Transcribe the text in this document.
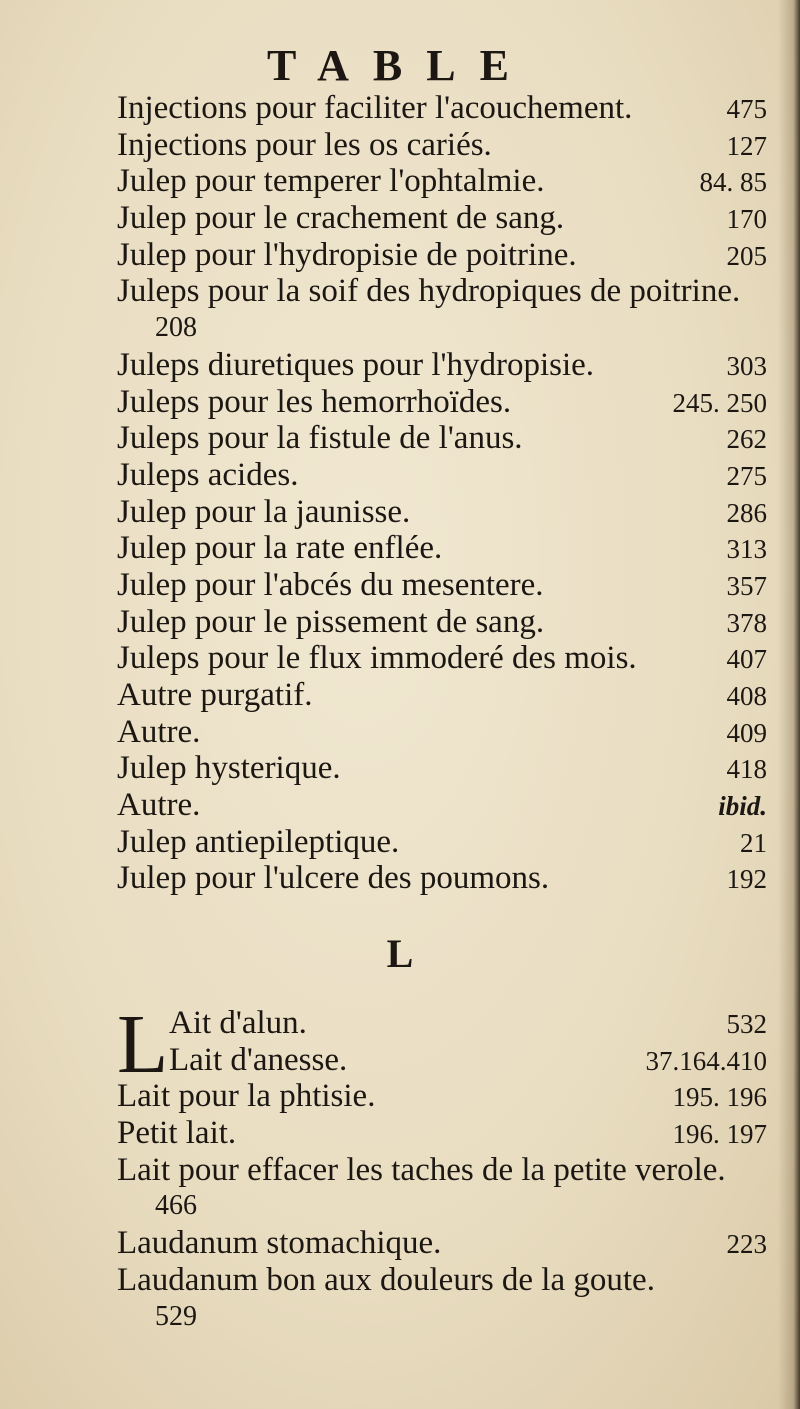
TABLE
Injections pour faciliter l'acouchement.	475
Injections pour les os cariés.	127
Julep pour temperer l'ophtalmie.	84. 85
Julep pour le crachement de sang.	170
Julep pour l'hydropisie de poitrine.	205
Juleps pour la soif des hydropiques de poitrine.
208
Juleps diuretiques pour l'hydropisie.	303
Juleps pour les hemorrhoïdes.	245. 250
Juleps pour la fistule de l'anus.	262
Juleps acides.	275
Julep pour la jaunisse.	286
Julep pour la rate enflée.	313
Julep pour l'abcés du mesentere.	357
Julep pour le pissement de sang.	378
Juleps pour le flux immoderé des mois.	407
Autre purgatif.	408
Autre.	409
Julep hysterique.	418
Autre.	ibid.
Julep antiepileptique.	21
Julep pour l'ulcere des poumons.	192
L
L Ait d'alun.	532
Lait d'anesse.	37.164.410
Lait pour la phtisie.	195. 196
Petit lait.	196. 197
Lait pour effacer les taches de la petite verole.
466
Laudanum stomachique.	223
Laudanum bon aux douleurs de la goute.
529
